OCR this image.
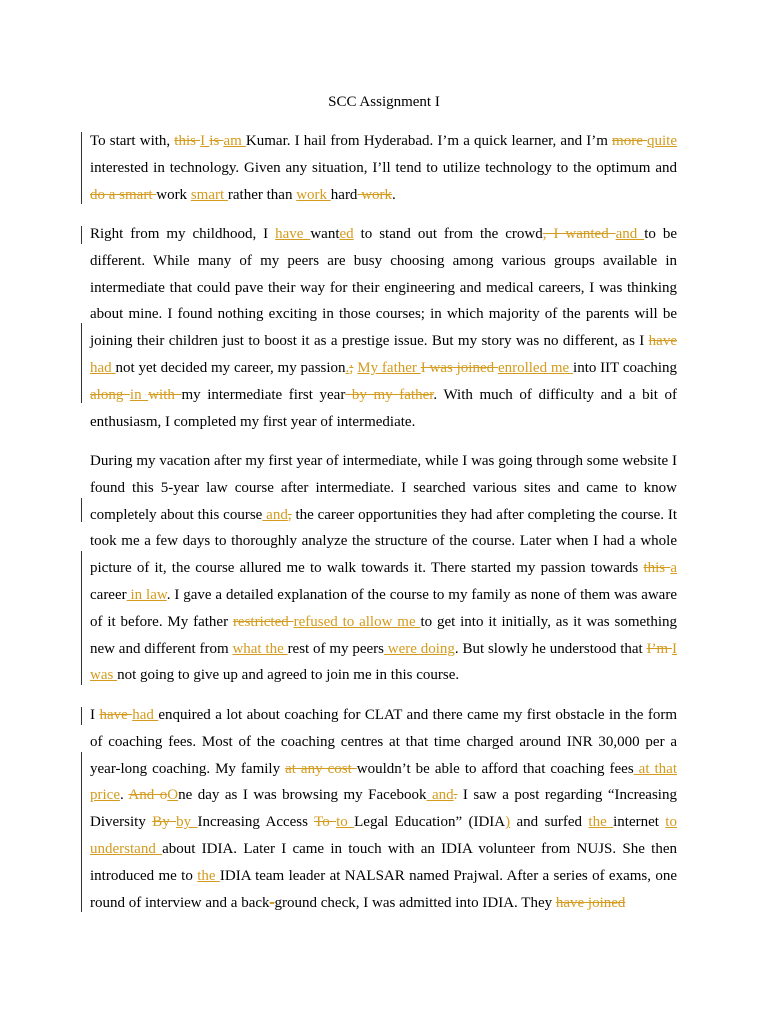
SCC Assignment I
To start with, this I is am Kumar. I hail from Hyderabad. I’m a quick learner, and I’m more quite interested in technology. Given any situation, I’ll tend to utilize technology to the optimum and do a smart work smart rather than work hard work.
Right from my childhood, I have wanted to stand out from the crowd, I wanted and to be different. While many of my peers are busy choosing among various groups available in intermediate that could pave their way for their engineering and medical careers, I was thinking about mine. I found nothing exciting in those courses; in which majority of the parents will be joining their children just to boost it as a prestige issue. But my story was no different, as I have had not yet decided my career, my passion.; My father I was joined enrolled me into IIT coaching along in with my intermediate first year by my father. With much of difficulty and a bit of enthusiasm, I completed my first year of intermediate.
During my vacation after my first year of intermediate, while I was going through some website I found this 5-year law course after intermediate. I searched various sites and came to know completely about this course and, the career opportunities they had after completing the course. It took me a few days to thoroughly analyze the structure of the course. Later when I had a whole picture of it, the course allured me to walk towards it. There started my passion towards this a career in law. I gave a detailed explanation of the course to my family as none of them was aware of it before. My father restricted refused to allow me to get into it initially, as it was something new and different from what the rest of my peers were doing. But slowly he understood that I’m I was not going to give up and agreed to join me in this course.
I have had enquired a lot about coaching for CLAT and there came my first obstacle in the form of coaching fees. Most of the coaching centres at that time charged around INR 30,000 per a year-long coaching. My family at any cost wouldn’t be able to afford that coaching fees at that price. And oOne day as I was browsing my Facebook and. I saw a post regarding “Increasing Diversity By by Increasing Access To to Legal Education” (IDIA) and surfed the internet to understand about IDIA. Later I came in touch with an IDIA volunteer from NUJS. She then introduced me to the IDIA team leader at NALSAR named Prajwal. After a series of exams, one round of interview and a back-ground check, I was admitted into IDIA. They have joined
